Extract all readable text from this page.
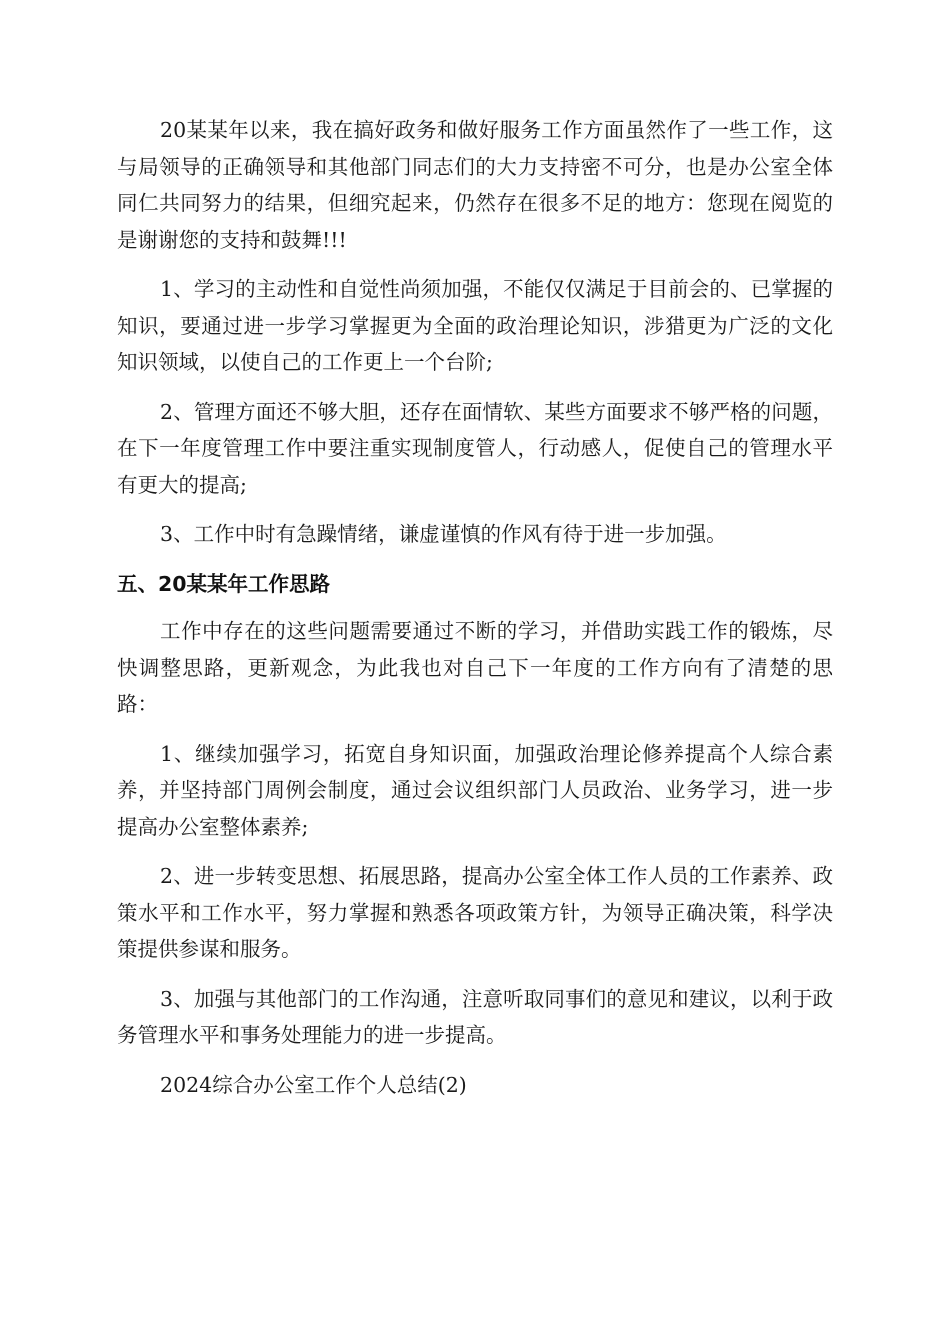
20某某年以来，我在搞好政务和做好服务工作方面虽然作了一些工作，这与局领导的正确领导和其他部门同志们的大力支持密不可分，也是办公室全体同仁共同努力的结果，但细究起来，仍然存在很多不足的地方：您现在阅览的是谢谢您的支持和鼓舞!!!

1、学习的主动性和自觉性尚须加强，不能仅仅满足于目前会的、已掌握的知识，要通过进一步学习掌握更为全面的政治理论知识，涉猎更为广泛的文化知识领域，以使自己的工作更上一个台阶;

2、管理方面还不够大胆，还存在面情软、某些方面要求不够严格的问题，在下一年度管理工作中要注重实现制度管人，行动感人，促使自己的管理水平有更大的提高;

3、工作中时有急躁情绪，谦虚谨慎的作风有待于进一步加强。

五、20某某年工作思路

工作中存在的这些问题需要通过不断的学习，并借助实践工作的锻炼，尽快调整思路，更新观念，为此我也对自己下一年度的工作方向有了清楚的思路：

1、继续加强学习，拓宽自身知识面，加强政治理论修养提高个人综合素养，并坚持部门周例会制度，通过会议组织部门人员政治、业务学习，进一步提高办公室整体素养;

2、进一步转变思想、拓展思路，提高办公室全体工作人员的工作素养、政策水平和工作水平，努力掌握和熟悉各项政策方针，为领导正确决策，科学决策提供参谋和服务。

3、加强与其他部门的工作沟通，注意听取同事们的意见和建议，以利于政务管理水平和事务处理能力的进一步提高。

2024综合办公室工作个人总结(2)
